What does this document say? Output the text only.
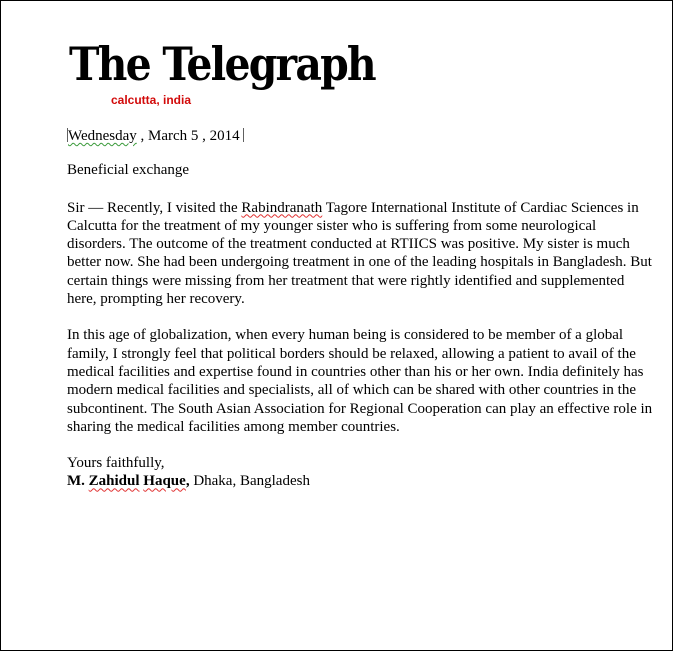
The Telegraph
calcutta, india

Wednesday , March 5 , 2014

Beneficial exchange

Sir — Recently, I visited the Rabindranath Tagore International Institute of Cardiac Sciences in Calcutta for the treatment of my younger sister who is suffering from some neurological disorders. The outcome of the treatment conducted at RTIICS was positive. My sister is much better now. She had been undergoing treatment in one of the leading hospitals in Bangladesh. But certain things were missing from her treatment that were rightly identified and supplemented here, prompting her recovery.

In this age of globalization, when every human being is considered to be member of a global family, I strongly feel that political borders should be relaxed, allowing a patient to avail of the medical facilities and expertise found in countries other than his or her own. India definitely has modern medical facilities and specialists, all of which can be shared with other countries in the subcontinent. The South Asian Association for Regional Cooperation can play an effective role in sharing the medical facilities among member countries.

Yours faithfully,

M. Zahidul Haque, Dhaka, Bangladesh
